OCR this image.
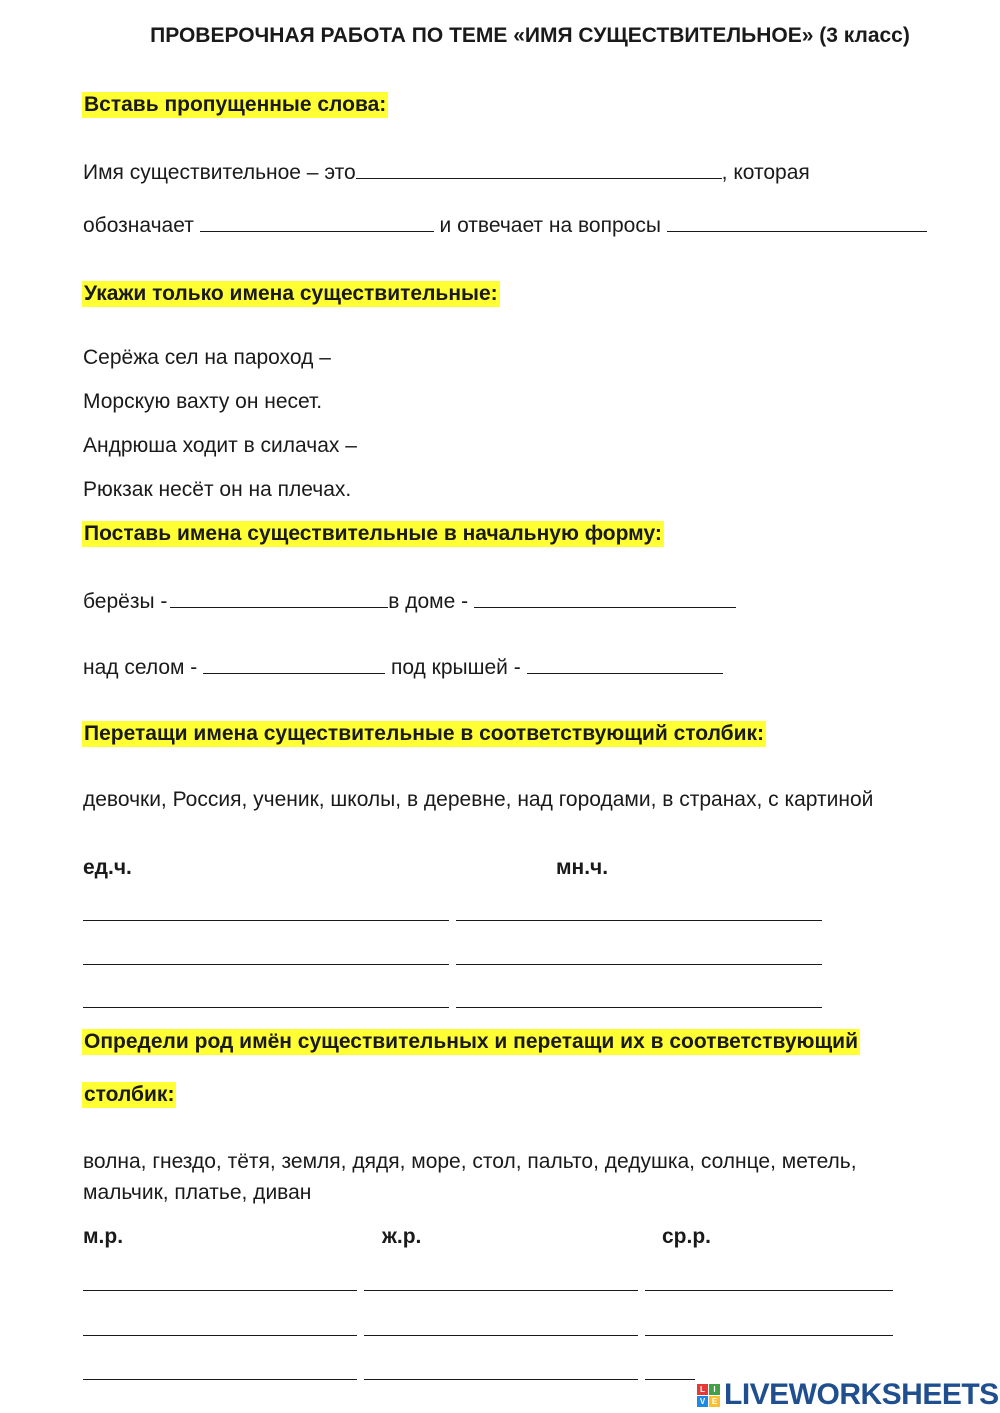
ПРОВЕРОЧНАЯ РАБОТА ПО ТЕМЕ «ИМЯ СУЩЕСТВИТЕЛЬНОЕ» (3 класс)
Вставь пропущенные слова:
Имя существительное – это	, которая
обозначает	и отвечает на вопросы
Укажи только имена существительные:
Серёжа сел на пароход –
Морскую вахту он несет.
Андрюша ходит в силачах –
Рюкзак несёт он на плечах.
Поставь имена существительные в начальную форму:
берёзы -	в доме -
над селом -	под крышей -
Перетащи имена существительные в соответствующий столбик:
девочки, Россия, ученик, школы, в деревне, над городами, в странах, с картиной
ед.ч.	мн.ч.
Определи род имён существительных и перетащи их в соответствующий
столбик:
волна, гнездо, тётя, земля, дядя, море, стол, пальто, дедушка, солнце, метель,
мальчик, платье, диван
м.р.	ж.р.	ср.р.
L	I
V E LIVEWORKSHEETS
